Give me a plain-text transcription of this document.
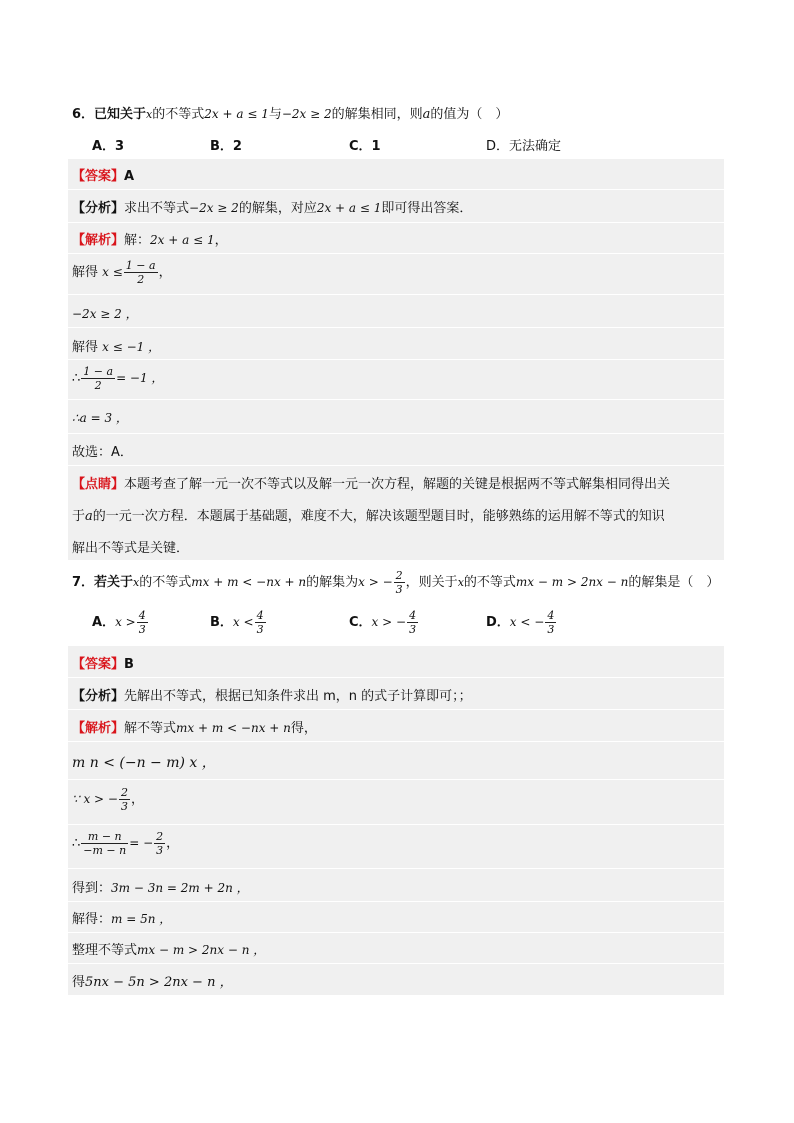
6．已知关于x的不等式2x + a ≤ 1与−2x ≥ 2的解集相同，则a的值为（　）
A．3	B．2	C．1	D．无法确定
【答案】A
【分析】求出不等式−2x ≥ 2的解集，对应2x + a ≤ 1即可得出答案．
【解析】解：2x + a ≤ 1，
解得 $x \le \frac{1 - a}{2}$ ，
−2x ≥ 2 ，
解得 x ≤ −1 ，
∴ $\frac{1 - a}{2} = -1$ ，
∴a = 3 ，
故选：A．
【点睛】本题考查了解一元一次不等式以及解一元一次方程，解题的关键是根据两不等式解集相同得出关
于a的一元一次方程．本题属于基础题，难度不大，解决该题型题目时，能够熟练的运用解不等式的知识
解出不等式是关键．
7．若关于x的不等式mx + m < −nx + n的解集为x > − $\frac{2}{3}$ ，则关于x的不等式mx − m > 2nx − n的解集是（　）
A．$x > \frac{4}{3}$	B．$x < \frac{4}{3}$	C．x > − $\frac{4}{3}$	D．x < − $\frac{4}{3}$
【答案】B
【分析】先解出不等式，根据已知条件求出 m，n 的式子计算即可；；
【解析】解不等式mx + m < −nx + n得，
m n < (−n − m) x ，
∵ x > − $\frac{2}{3}$ ，
∴ $\frac{m - n}{-m - n}$ = − $\frac{2}{3}$ ，
得到：3m − 3n = 2m + 2n ，
解得：m = 5n ，
整理不等式mx − m > 2nx − n ，
得5nx − 5n > 2nx − n ，
